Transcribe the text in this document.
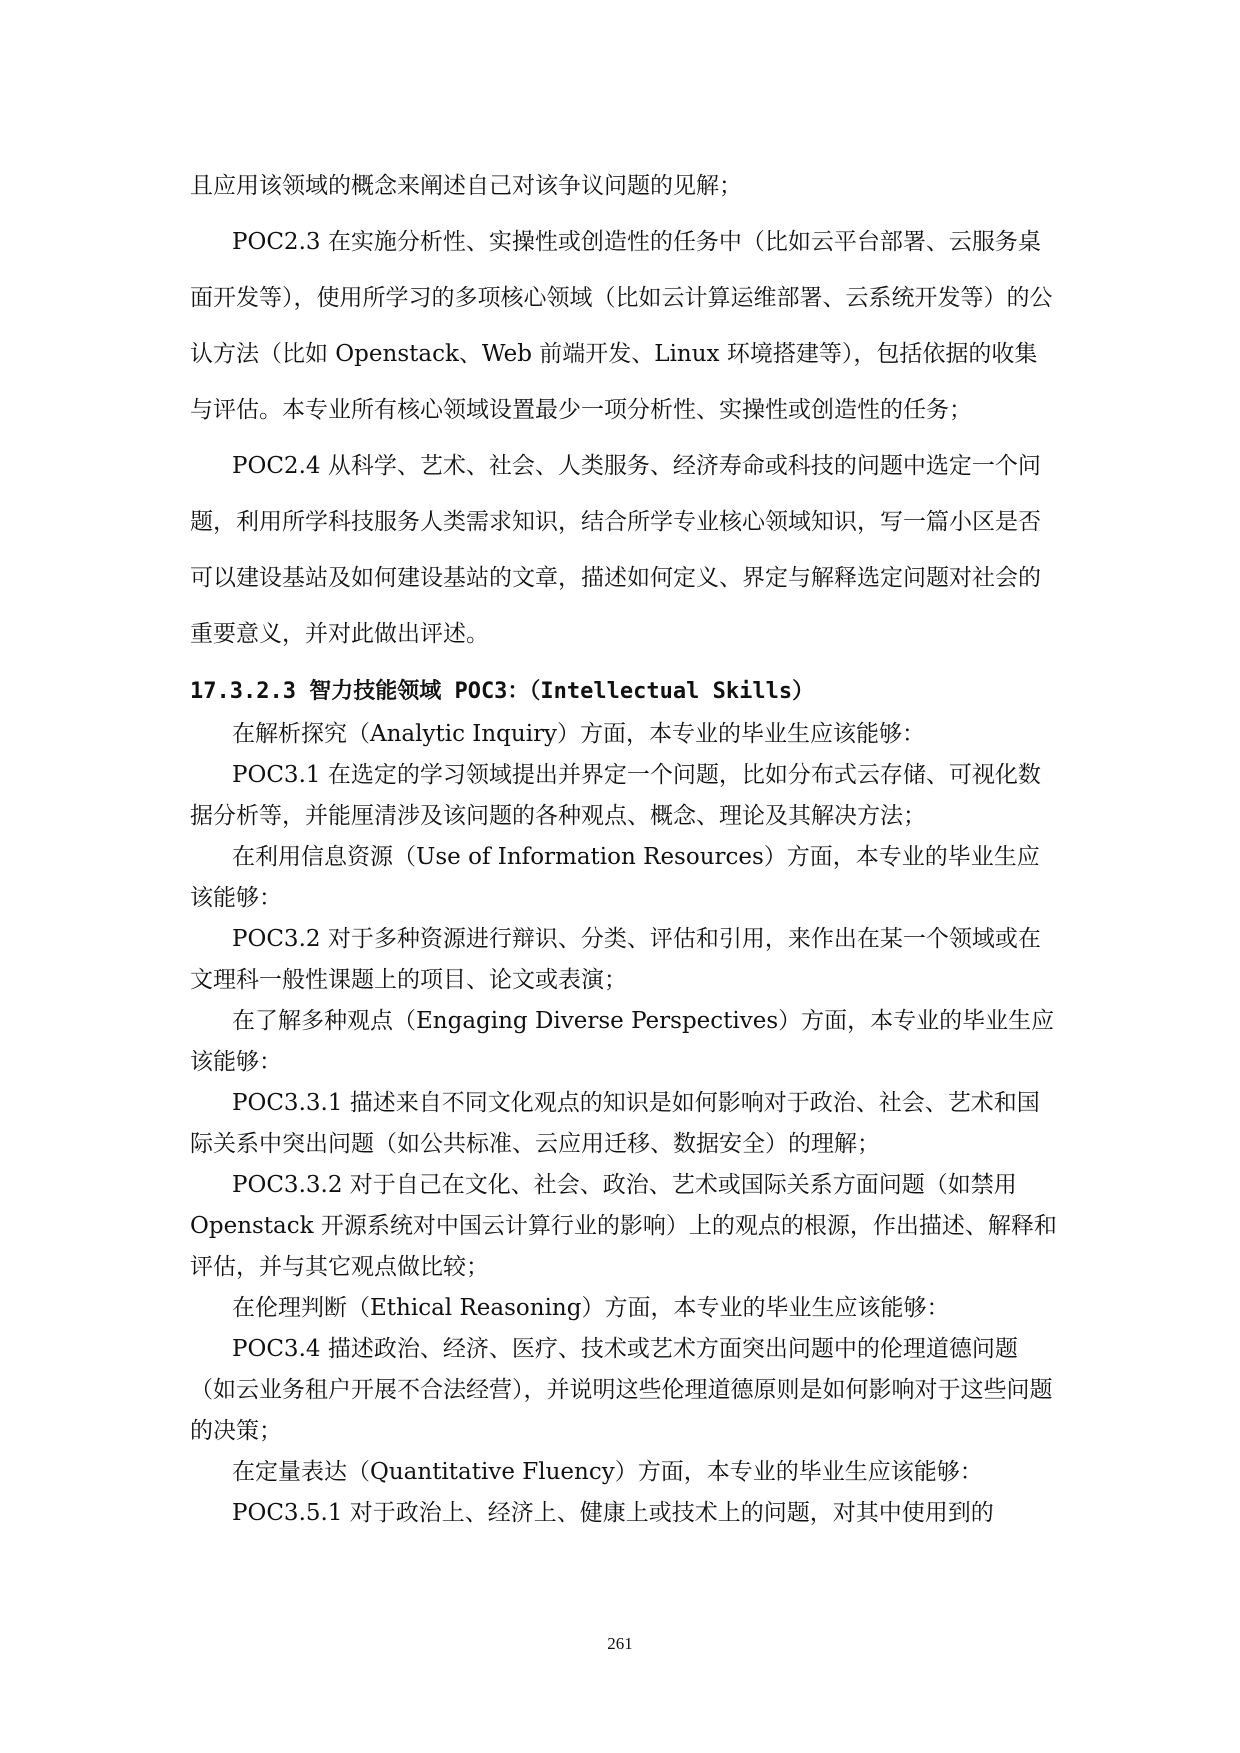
且应用该领域的概念来阐述自己对该争议问题的见解；

POC2.3 在实施分析性、实操性或创造性的任务中（比如云平台部署、云服务桌面开发等），使用所学习的多项核心领域（比如云计算运维部署、云系统开发等）的公认方法（比如 Openstack、Web 前端开发、Linux 环境搭建等），包括依据的收集与评估。本专业所有核心领域设置最少一项分析性、实操性或创造性的任务；

POC2.4 从科学、艺术、社会、人类服务、经济寿命或科技的问题中选定一个问题，利用所学科技服务人类需求知识，结合所学专业核心领域知识，写一篇小区是否可以建设基站及如何建设基站的文章，描述如何定义、界定与解释选定问题对社会的重要意义，并对此做出评述。

17.3.2.3 智力技能领域 POC3：（Intellectual Skills）

在解析探究（Analytic Inquiry）方面，本专业的毕业生应该能够：

POC3.1 在选定的学习领域提出并界定一个问题，比如分布式云存储、可视化数据分析等，并能厘清涉及该问题的各种观点、概念、理论及其解决方法；

在利用信息资源（Use of Information Resources）方面，本专业的毕业生应该能够：

POC3.2 对于多种资源进行辩识、分类、评估和引用，来作出在某一个领域或在文理科一般性课题上的项目、论文或表演；

在了解多种观点（Engaging Diverse Perspectives）方面，本专业的毕业生应该能够：

POC3.3.1 描述来自不同文化观点的知识是如何影响对于政治、社会、艺术和国际关系中突出问题（如公共标准、云应用迁移、数据安全）的理解；

POC3.3.2 对于自己在文化、社会、政治、艺术或国际关系方面问题（如禁用 Openstack 开源系统对中国云计算行业的影响）上的观点的根源，作出描述、解释和评估，并与其它观点做比较；

在伦理判断（Ethical Reasoning）方面，本专业的毕业生应该能够：

POC3.4 描述政治、经济、医疗、技术或艺术方面突出问题中的伦理道德问题（如云业务租户开展不合法经营），并说明这些伦理道德原则是如何影响对于这些问题的决策；

在定量表达（Quantitative Fluency）方面，本专业的毕业生应该能够：

POC3.5.1 对于政治上、经济上、健康上或技术上的问题，对其中使用到的

261
